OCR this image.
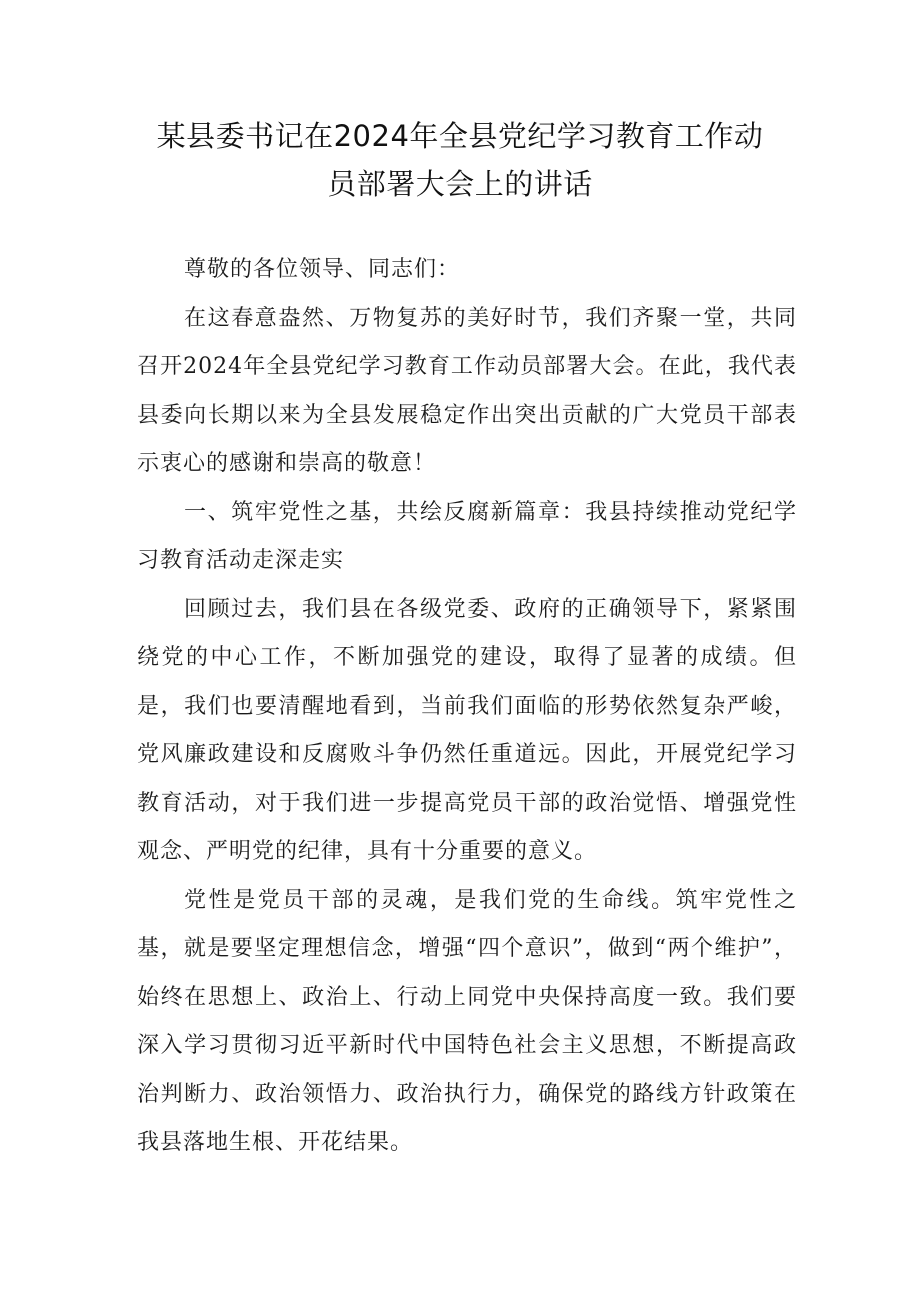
某县委书记在2024年全县党纪学习教育工作动
员部署大会上的讲话

尊敬的各位领导、同志们：

在这春意盎然、万物复苏的美好时节，我们齐聚一堂，共同召开2024年全县党纪学习教育工作动员部署大会。在此，我代表县委向长期以来为全县发展稳定作出突出贡献的广大党员干部表示衷心的感谢和崇高的敬意！

一、筑牢党性之基，共绘反腐新篇章：我县持续推动党纪学习教育活动走深走实

回顾过去，我们县在各级党委、政府的正确领导下，紧紧围绕党的中心工作，不断加强党的建设，取得了显著的成绩。但是，我们也要清醒地看到，当前我们面临的形势依然复杂严峻，党风廉政建设和反腐败斗争仍然任重道远。因此，开展党纪学习教育活动，对于我们进一步提高党员干部的政治觉悟、增强党性观念、严明党的纪律，具有十分重要的意义。

党性是党员干部的灵魂，是我们党的生命线。筑牢党性之基，就是要坚定理想信念，增强“四个意识”，做到“两个维护”，始终在思想上、政治上、行动上同党中央保持高度一致。我们要深入学习贯彻习近平新时代中国特色社会主义思想，不断提高政治判断力、政治领悟力、政治执行力，确保党的路线方针政策在我县落地生根、开花结果。
